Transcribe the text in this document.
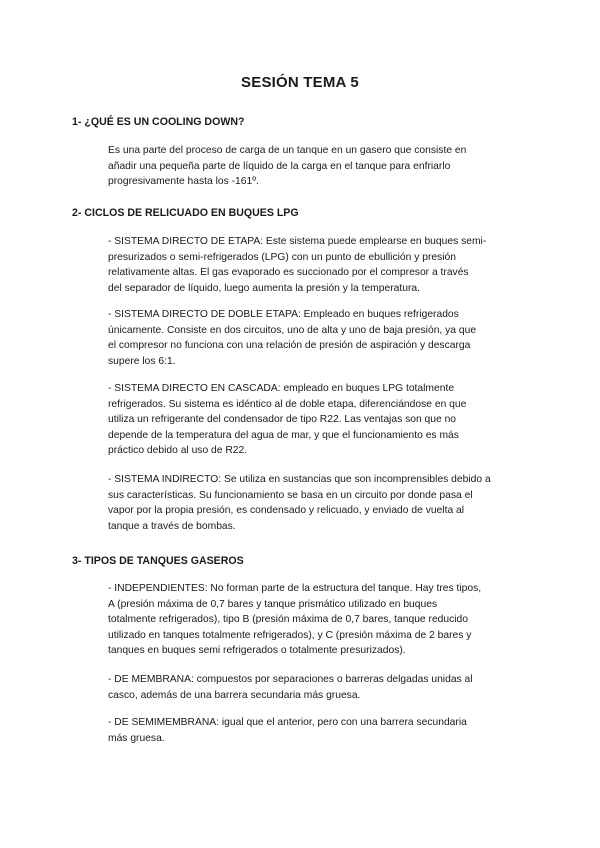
SESIÓN TEMA 5
1- ¿QUÉ ES UN COOLING DOWN?

Es una parte del proceso de carga de un tanque en un gasero que consiste en
añadir una pequeña parte de líquido de la carga en el tanque para enfriarlo
progresivamente hasta los -161º.

2- CICLOS DE RELICUADO EN BUQUES LPG

- SISTEMA DIRECTO DE ETAPA: Este sistema puede emplearse en buques semi-
presurizados o semi-refrigerados (LPG) con un punto de ebullición y presión
relativamente altas. El gas evaporado es succionado por el compresor a través
del separador de líquido, luego aumenta la presión y la temperatura.

- SISTEMA DIRECTO DE DOBLE ETAPA: Empleado en buques refrigerados
únicamente. Consiste en dos circuitos, uno de alta y uno de baja presión, ya que
el compresor no funciona con una relación de presión de aspiración y descarga
supere los 6:1.

- SISTEMA DIRECTO EN CASCADA: empleado en buques LPG totalmente
refrigerados. Su sistema es idéntico al de doble etapa, diferenciándose en que
utiliza un refrigerante del condensador de tipo R22. Las ventajas son que no
depende de la temperatura del agua de mar, y que el funcionamiento es más
práctico debido al uso de R22.

- SISTEMA INDIRECTO: Se utiliza en sustancias que son incomprensibles debido a
sus características. Su funcionamiento se basa en un circuito por donde pasa el
vapor por la propia presión, es condensado y relicuado, y enviado de vuelta al
tanque a través de bombas.

3- TIPOS DE TANQUES GASEROS

- INDEPENDIENTES: No forman parte de la estructura del tanque. Hay tres tipos,
A (presión máxima de 0,7 bares y tanque prismático utilizado en buques
totalmente refrigerados), tipo B (presión máxima de 0,7 bares, tanque reducido
utilizado en tanques totalmente refrigerados), y C (presión máxima de 2 bares y
tanques en buques semi refrigerados o totalmente presurizados).

- DE MEMBRANA: compuestos por separaciones o barreras delgadas unidas al
casco, además de una barrera secundaria más gruesa.

- DE SEMIMEMBRANA: igual que el anterior, pero con una barrera secundaria
más gruesa.
